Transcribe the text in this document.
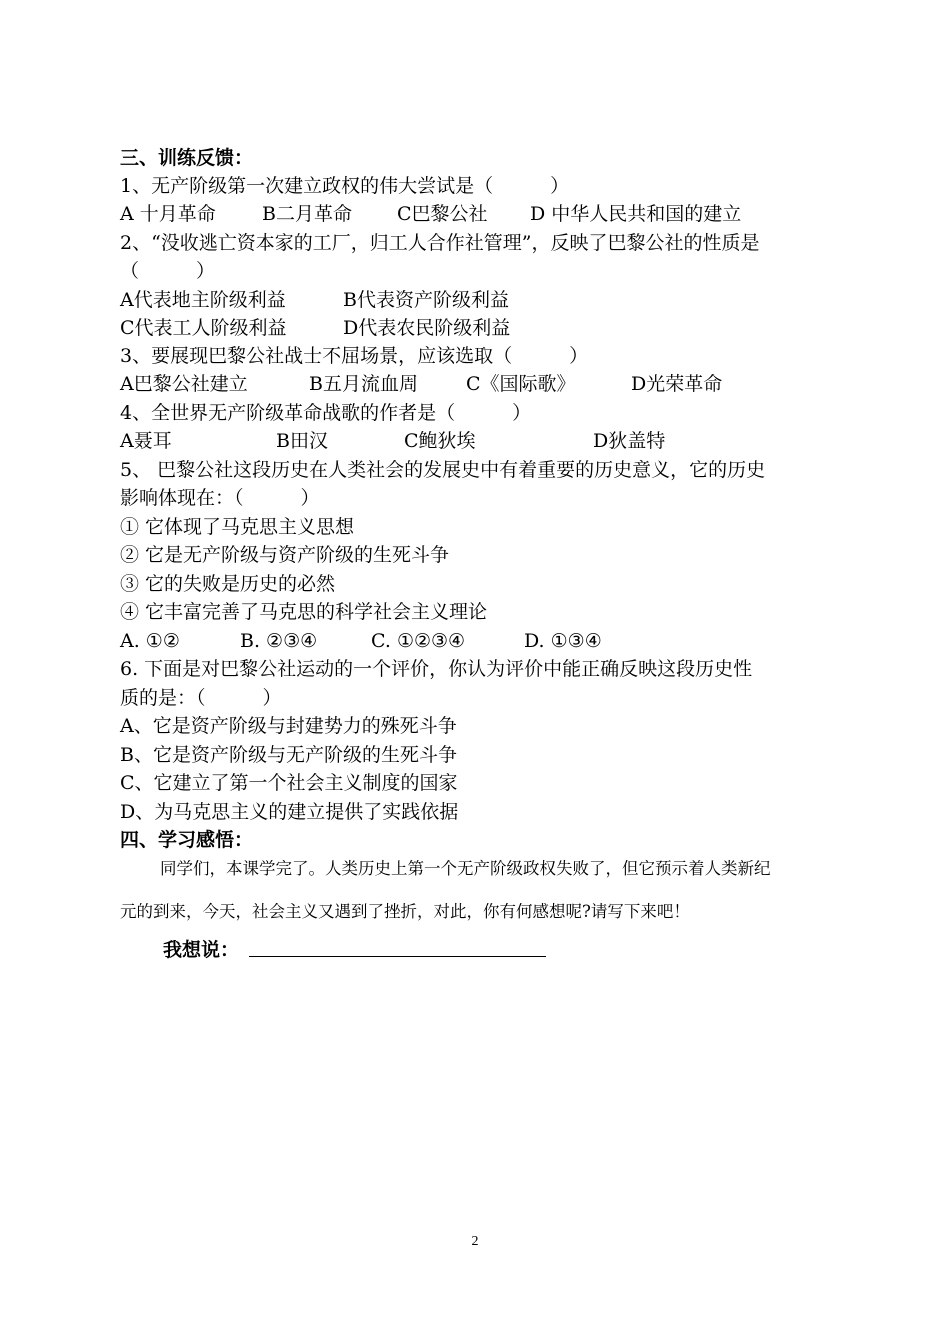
三、训练反馈：
1、无产阶级第一次建立政权的伟大尝试是（　　　）
A 十月革命 B二月革命 C巴黎公社 D 中华人民共和国的建立
2、“没收逃亡资本家的工厂，归工人合作社管理”，反映了巴黎公社的性质是
（　　　）
A代表地主阶级利益	B代表资产阶级利益
C代表工人阶级利益	D代表农民阶级利益
3、要展现巴黎公社战士不屈场景，应该选取（　　　）
A巴黎公社建立	B五月流血周	C《国际歌》	D光荣革命
4、全世界无产阶级革命战歌的作者是（　　　）
A聂耳	B田汉	C鲍狄埃	D狄盖特
5、 巴黎公社这段历史在人类社会的发展史中有着重要的历史意义，它的历史
影响体现在：（　　　）
① 它体现了马克思主义思想
② 它是无产阶级与资产阶级的生死斗争
③ 它的失败是历史的必然
④ 它丰富完善了马克思的科学社会主义理论
A. ①②	B. ②③④	C. ①②③④	D. ①③④
6. 下面是对巴黎公社运动的一个评价，你认为评价中能正确反映这段历史性
质的是：（　　　）
A、它是资产阶级与封建势力的殊死斗争
B、它是资产阶级与无产阶级的生死斗争
C、它建立了第一个社会主义制度的国家
D、为马克思主义的建立提供了实践依据
四、学习感悟：
同学们，本课学完了。人类历史上第一个无产阶级政权失败了，但它预示着人类新纪
元的到来，今天，社会主义又遇到了挫折，对此，你有何感想呢?请写下来吧！
我想说：
2
